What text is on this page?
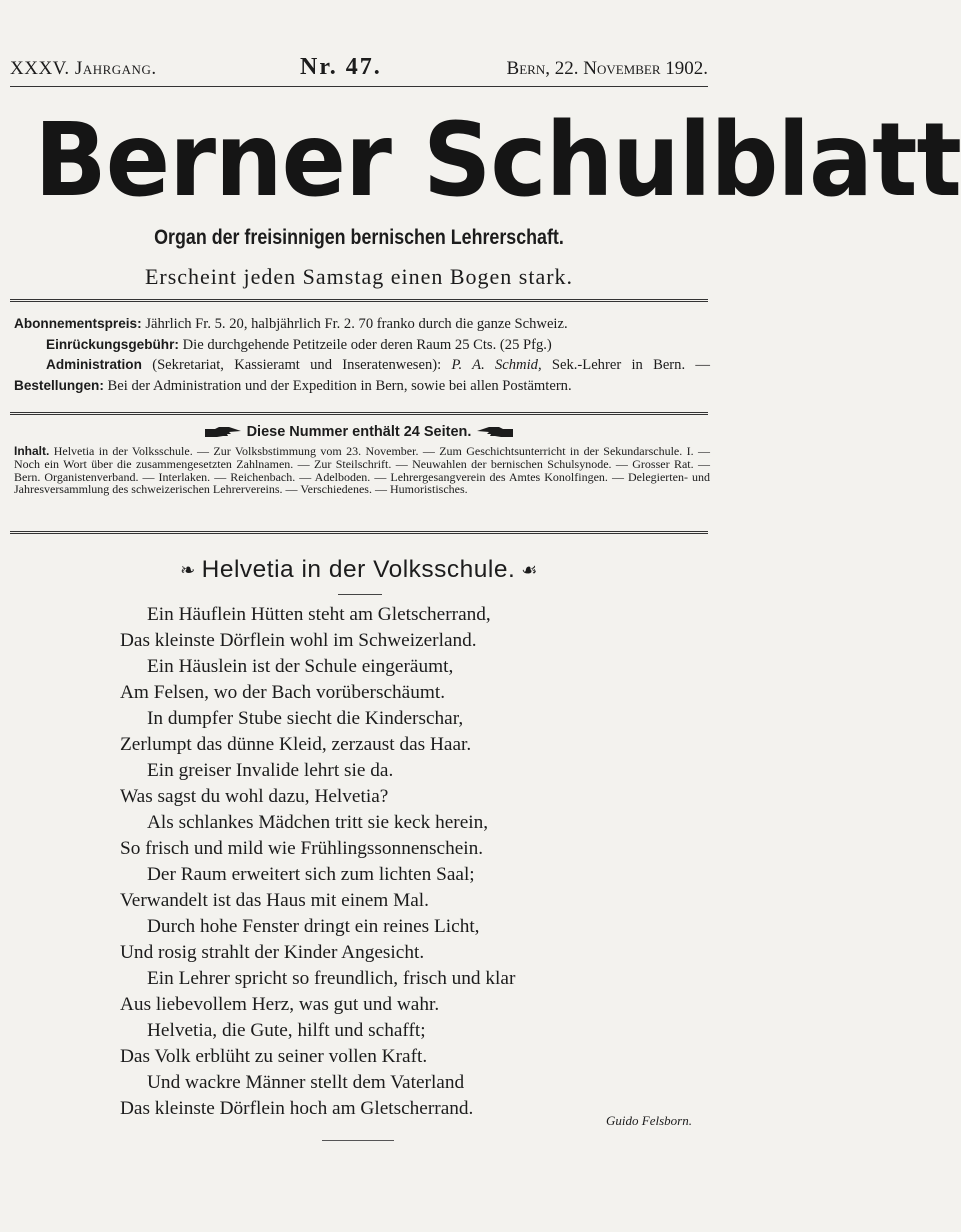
XXXV. Jahrgang.	Nr. 47.	Bern, 22. November 1902.
Berner Schulblatt
Organ der freisinnigen bernischen Lehrerschaft.
Erscheint jeden Samstag einen Bogen stark.

Abonnementspreis: Jährlich Fr. 5. 20, halbjährlich Fr. 2. 70 franko durch die ganze Schweiz.

Einrückungsgebühr: Die durchgehende Petitzeile oder deren Raum 25 Cts. (25 Pfg.)

Administration (Sekretariat, Kassieramt und Inseratenwesen): P. A. Schmid, Sek.-Lehrer in Bern. — Bestellungen: Bei der Administration und der Expedition in Bern, sowie bei allen Postämtern.

Diese Nummer enthält 24 Seiten.
Inhalt. Helvetia in der Volksschule. — Zur Volksbstimmung vom 23. November. — Zum Geschichtsunterricht in der Sekundarschule. I. — Noch ein Wort über die zusammengesetzten Zahlnamen. — Zur Steilschrift. — Neuwahlen der bernischen Schulsynode. — Grosser Rat. — Bern. Organistenverband. — Interlaken. — Reichenbach. — Adelboden. — Lehrergesangverein des Amtes Konolfingen. — Delegierten- und Jahresversammlung des schweizerischen Lehrervereins. — Verschiedenes. — Humoristisches.
❧ Helvetia in der Volksschule. ☙
Ein Häuflein Hütten steht am Gletscherrand,
Das kleinste Dörflein wohl im Schweizerland.
Ein Häuslein ist der Schule eingeräumt,
Am Felsen, wo der Bach vorüberschäumt.
In dumpfer Stube siecht die Kinderschar,
Zerlumpt das dünne Kleid, zerzaust das Haar.
Ein greiser Invalide lehrt sie da.
Was sagst du wohl dazu, Helvetia?
Als schlankes Mädchen tritt sie keck herein,
So frisch und mild wie Frühlingssonnenschein.
Der Raum erweitert sich zum lichten Saal;
Verwandelt ist das Haus mit einem Mal.
Durch hohe Fenster dringt ein reines Licht,
Und rosig strahlt der Kinder Angesicht.
Ein Lehrer spricht so freundlich, frisch und klar
Aus liebevollem Herz, was gut und wahr.
Helvetia, die Gute, hilft und schafft;
Das Volk erblüht zu seiner vollen Kraft.
Und wackre Männer stellt dem Vaterland
Das kleinste Dörflein hoch am Gletscherrand.
Guido Felsborn.
